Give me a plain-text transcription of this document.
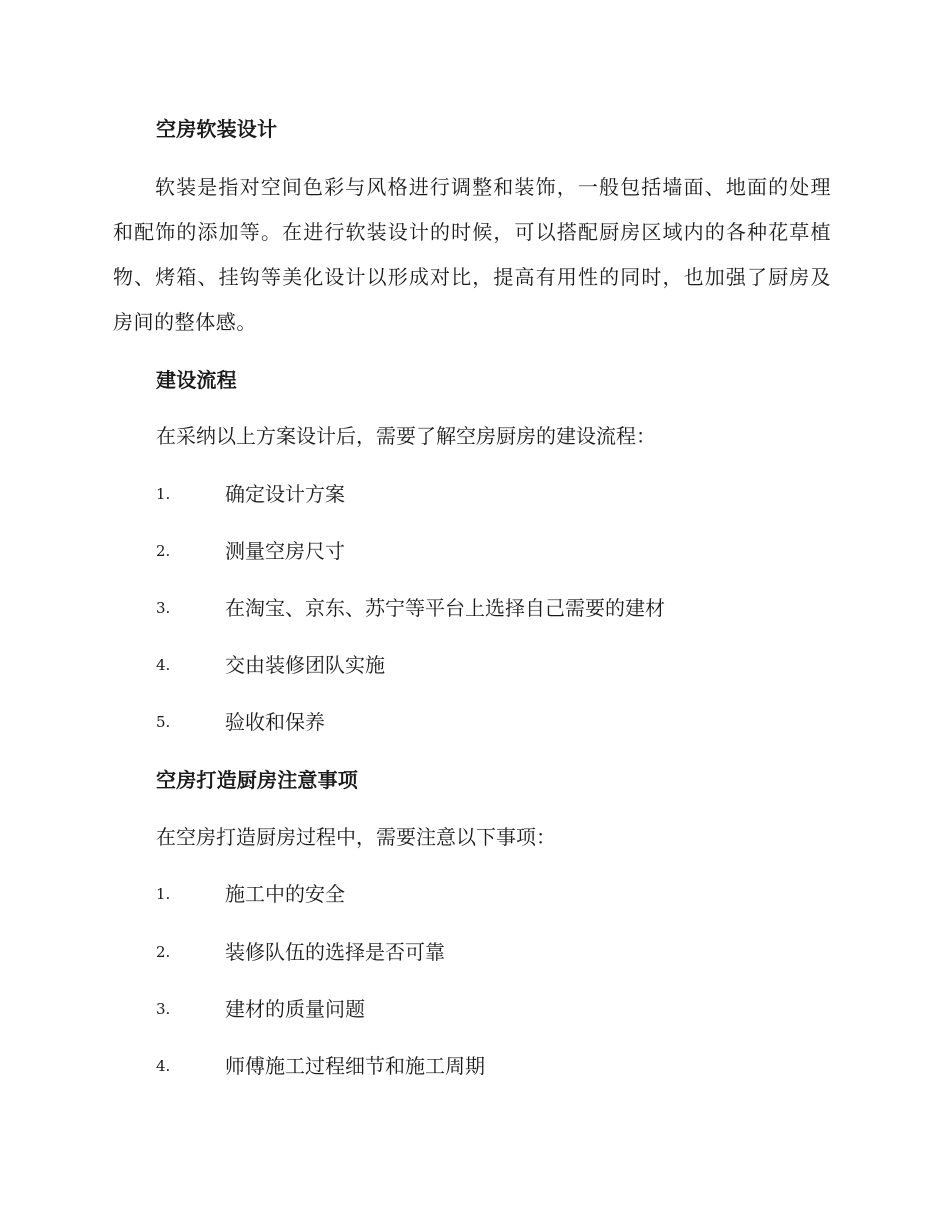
空房软装设计
软装是指对空间色彩与风格进行调整和装饰，一般包括墙面、地面的处理和配饰的添加等。在进行软装设计的时候，可以搭配厨房区域内的各种花草植物、烤箱、挂钩等美化设计以形成对比，提高有用性的同时，也加强了厨房及房间的整体感。
建设流程
在采纳以上方案设计后，需要了解空房厨房的建设流程：
1.	确定设计方案
2.	测量空房尺寸
3.	在淘宝、京东、苏宁等平台上选择自己需要的建材
4.	交由装修团队实施
5.	验收和保养
空房打造厨房注意事项
在空房打造厨房过程中，需要注意以下事项：
1.	施工中的安全
2.	装修队伍的选择是否可靠
3.	建材的质量问题
4.	师傅施工过程细节和施工周期
